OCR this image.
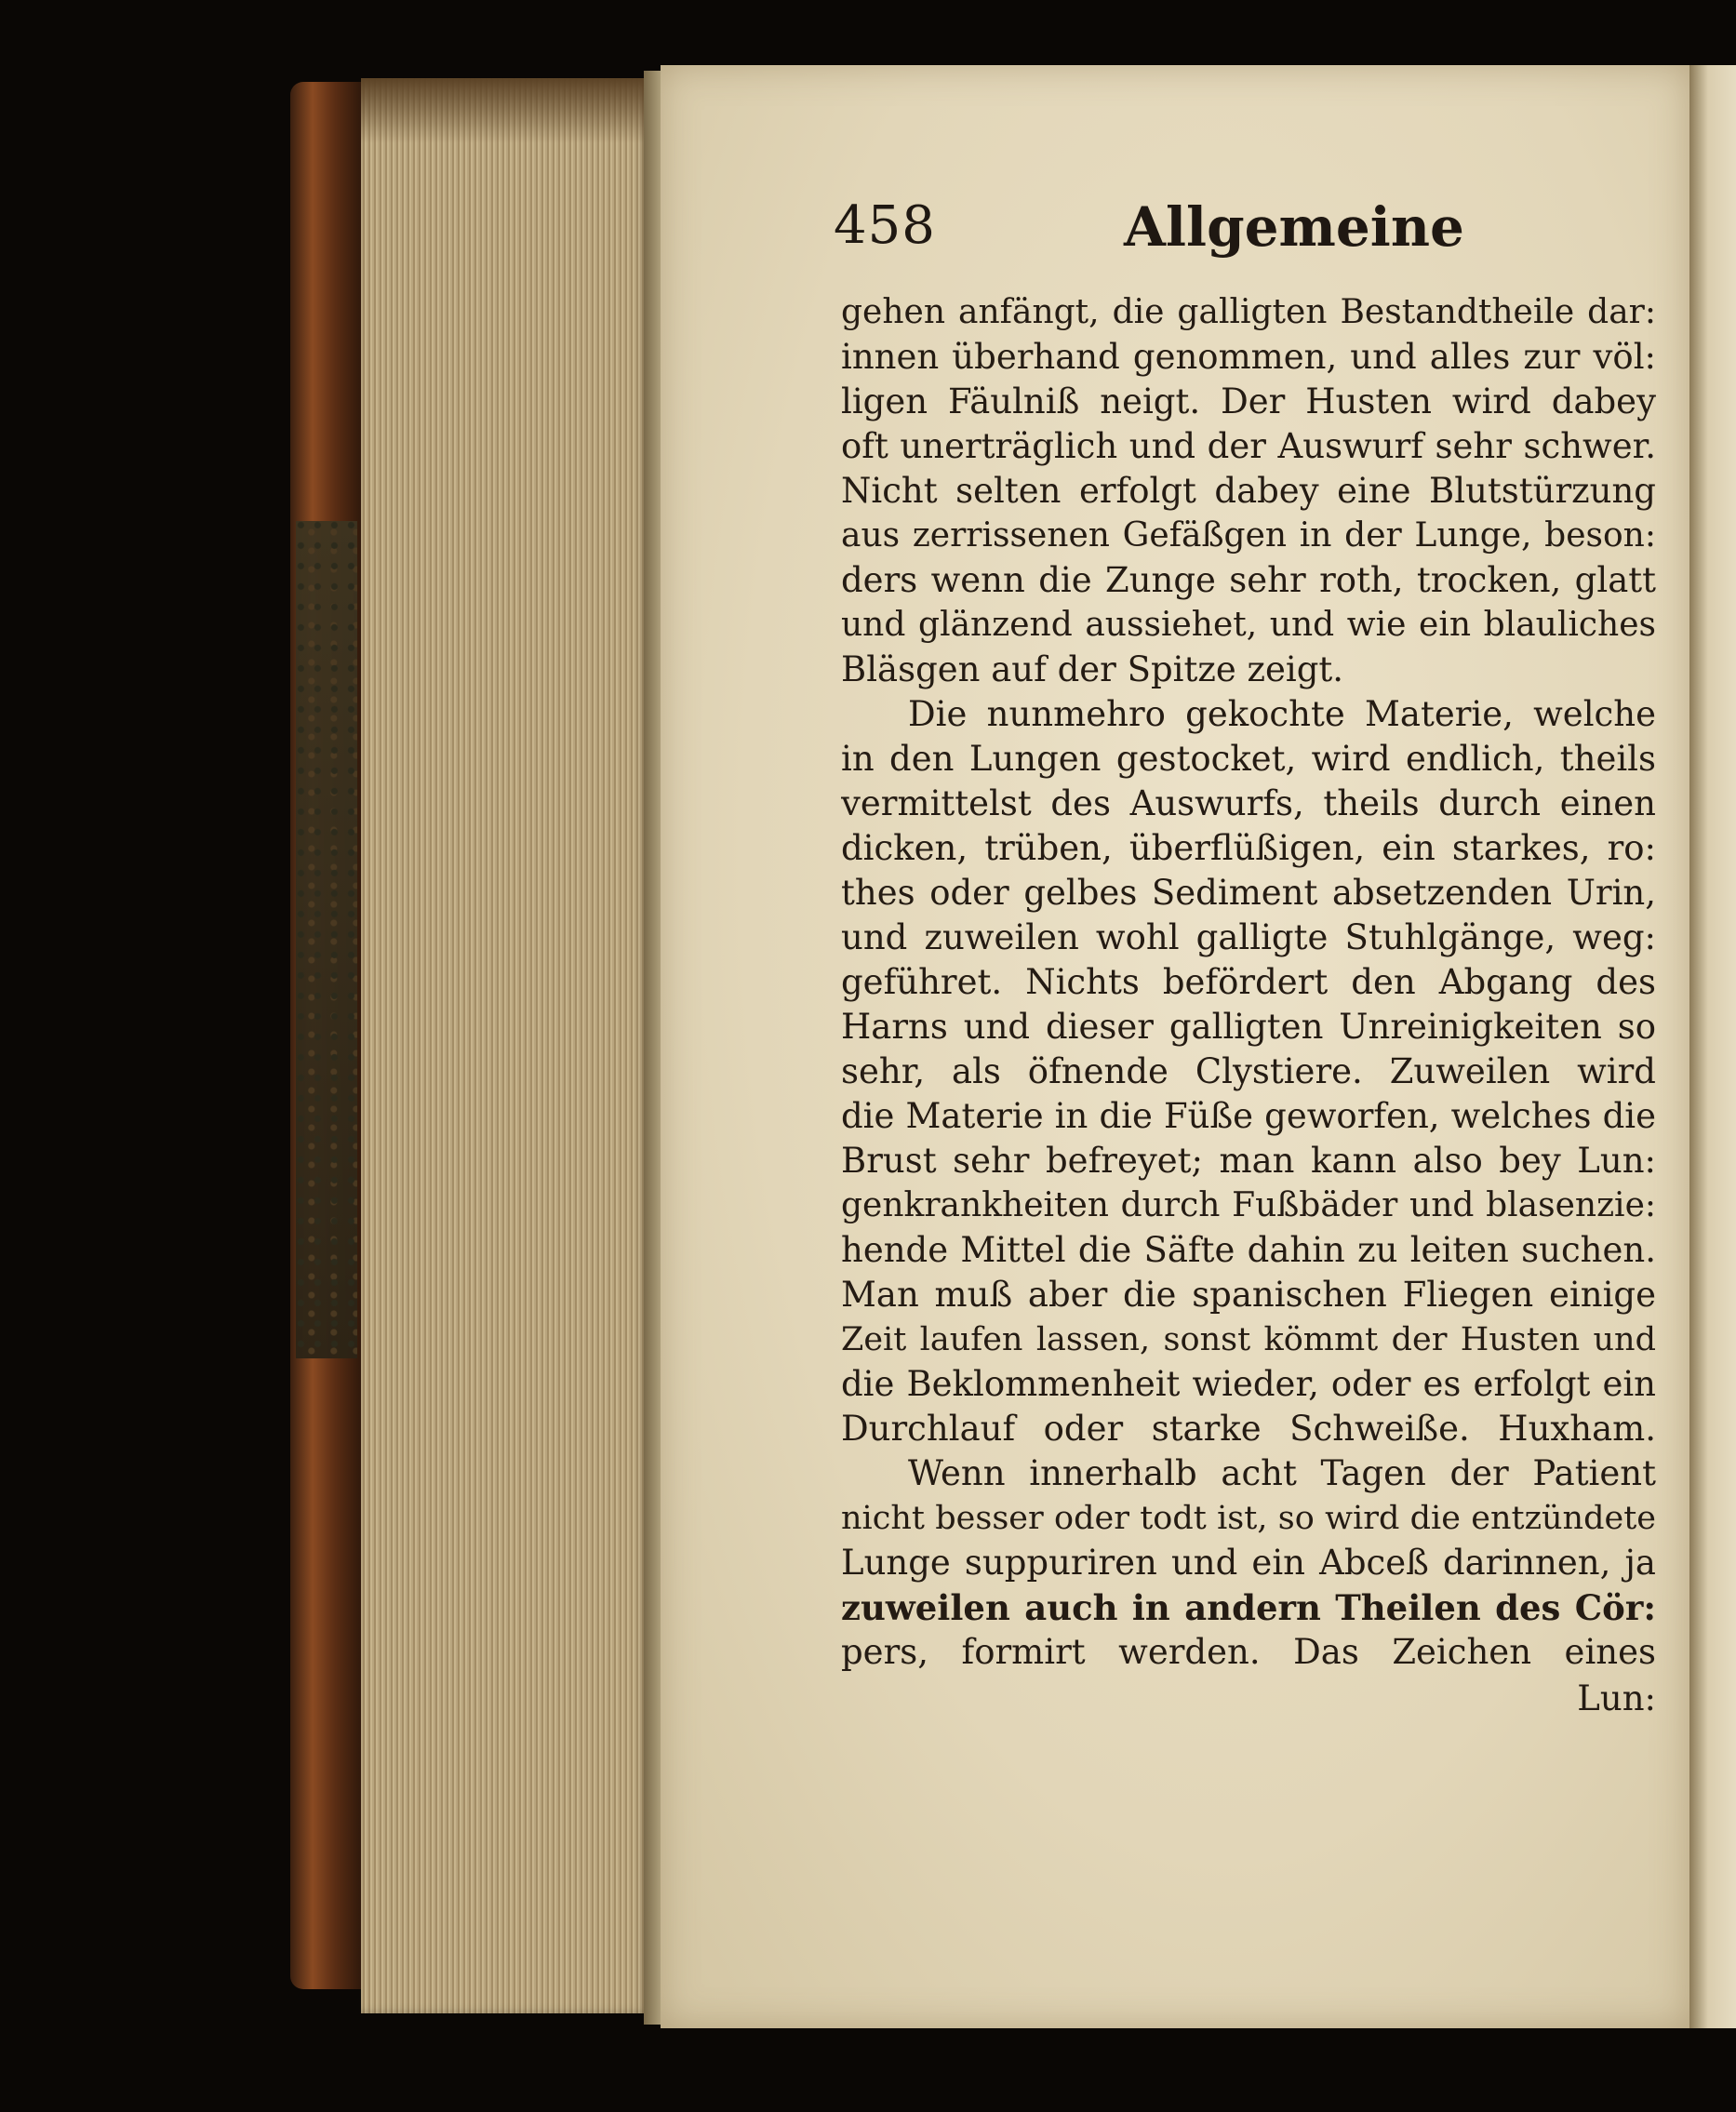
458	Allgemeine
gehen anfängt, die galligten Bestandtheile dar:
innen überhand genommen, und alles zur völ:
ligen Fäulniß neigt. Der Husten wird dabey
oft unerträglich und der Auswurf sehr schwer.
Nicht selten erfolgt dabey eine Blutstürzung
aus zerrissenen Gefäßgen in der Lunge, beson:
ders wenn die Zunge sehr roth, trocken, glatt
und glänzend aussiehet, und wie ein blauliches
Bläsgen auf der Spitze zeigt.
Die nunmehro gekochte Materie, welche
in den Lungen gestocket, wird endlich, theils
vermittelst des Auswurfs, theils durch einen
dicken, trüben, überflüßigen, ein starkes, ro:
thes oder gelbes Sediment absetzenden Urin,
und zuweilen wohl galligte Stuhlgänge, weg:
geführet. Nichts befördert den Abgang des
Harns und dieser galligten Unreinigkeiten so
sehr, als öfnende Clystiere. Zuweilen wird
die Materie in die Füße geworfen, welches die
Brust sehr befreyet; man kann also bey Lun:
genkrankheiten durch Fußbäder und blasenzie:
hende Mittel die Säfte dahin zu leiten suchen.
Man muß aber die spanischen Fliegen einige
Zeit laufen lassen, sonst kömmt der Husten und
die Beklommenheit wieder, oder es erfolgt ein
Durchlauf oder starke Schweiße. Huxham.
Wenn innerhalb acht Tagen der Patient
nicht besser oder todt ist, so wird die entzündete
Lunge suppuriren und ein Abceß darinnen, ja
zuweilen auch in andern Theilen des Cör:
pers, formirt werden. Das Zeichen eines
Lun:
